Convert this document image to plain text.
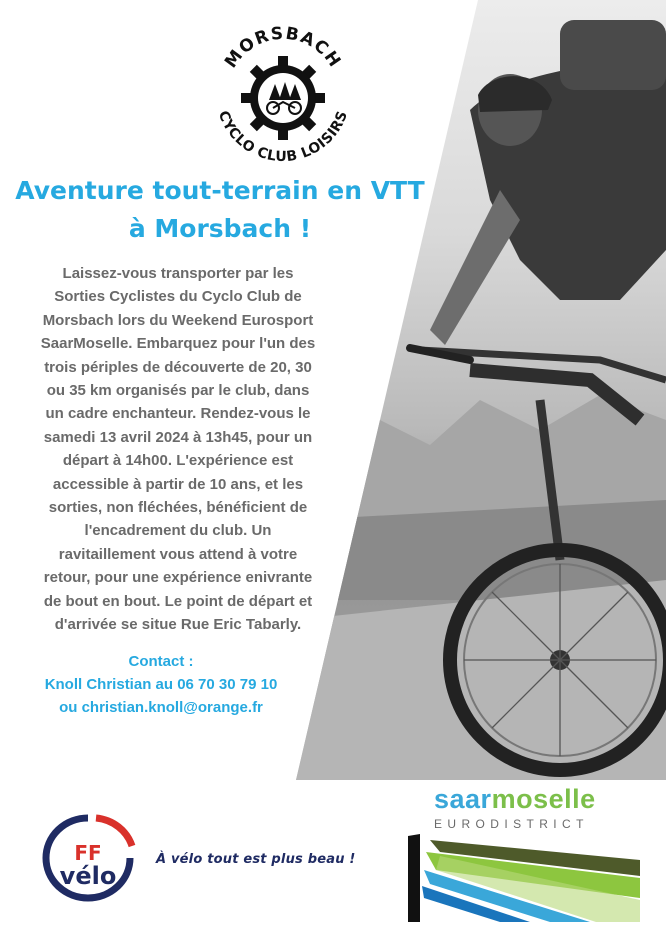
MORSBACH
CYCLO CLUB LOISIRS
Aventure tout-terrain en VTT
à Morsbach !
Laissez-vous transporter par les
Sorties Cyclistes du Cyclo Club de
Morsbach lors du Weekend Eurosport
SaarMoselle. Embarquez pour l'un des
trois périples de découverte de 20, 30
ou 35 km organisés par le club, dans
un cadre enchanteur. Rendez-vous le
samedi 13 avril 2024 à 13h45, pour un
départ à 14h00. L'expérience est
accessible à partir de 10 ans, et les
sorties, non fléchées, bénéficient de
l'encadrement du club. Un
ravitaillement vous attend à votre
retour, pour une expérience enivrante
de bout en bout. Le point de départ et
d'arrivée se situe Rue Eric Tabarly.
Contact :
Knoll Christian au 06 70 30 79 10
ou christian.knoll@orange.fr
FF
vélo
À vélo tout est plus beau !
saarmoselle
EURODISTRICT
